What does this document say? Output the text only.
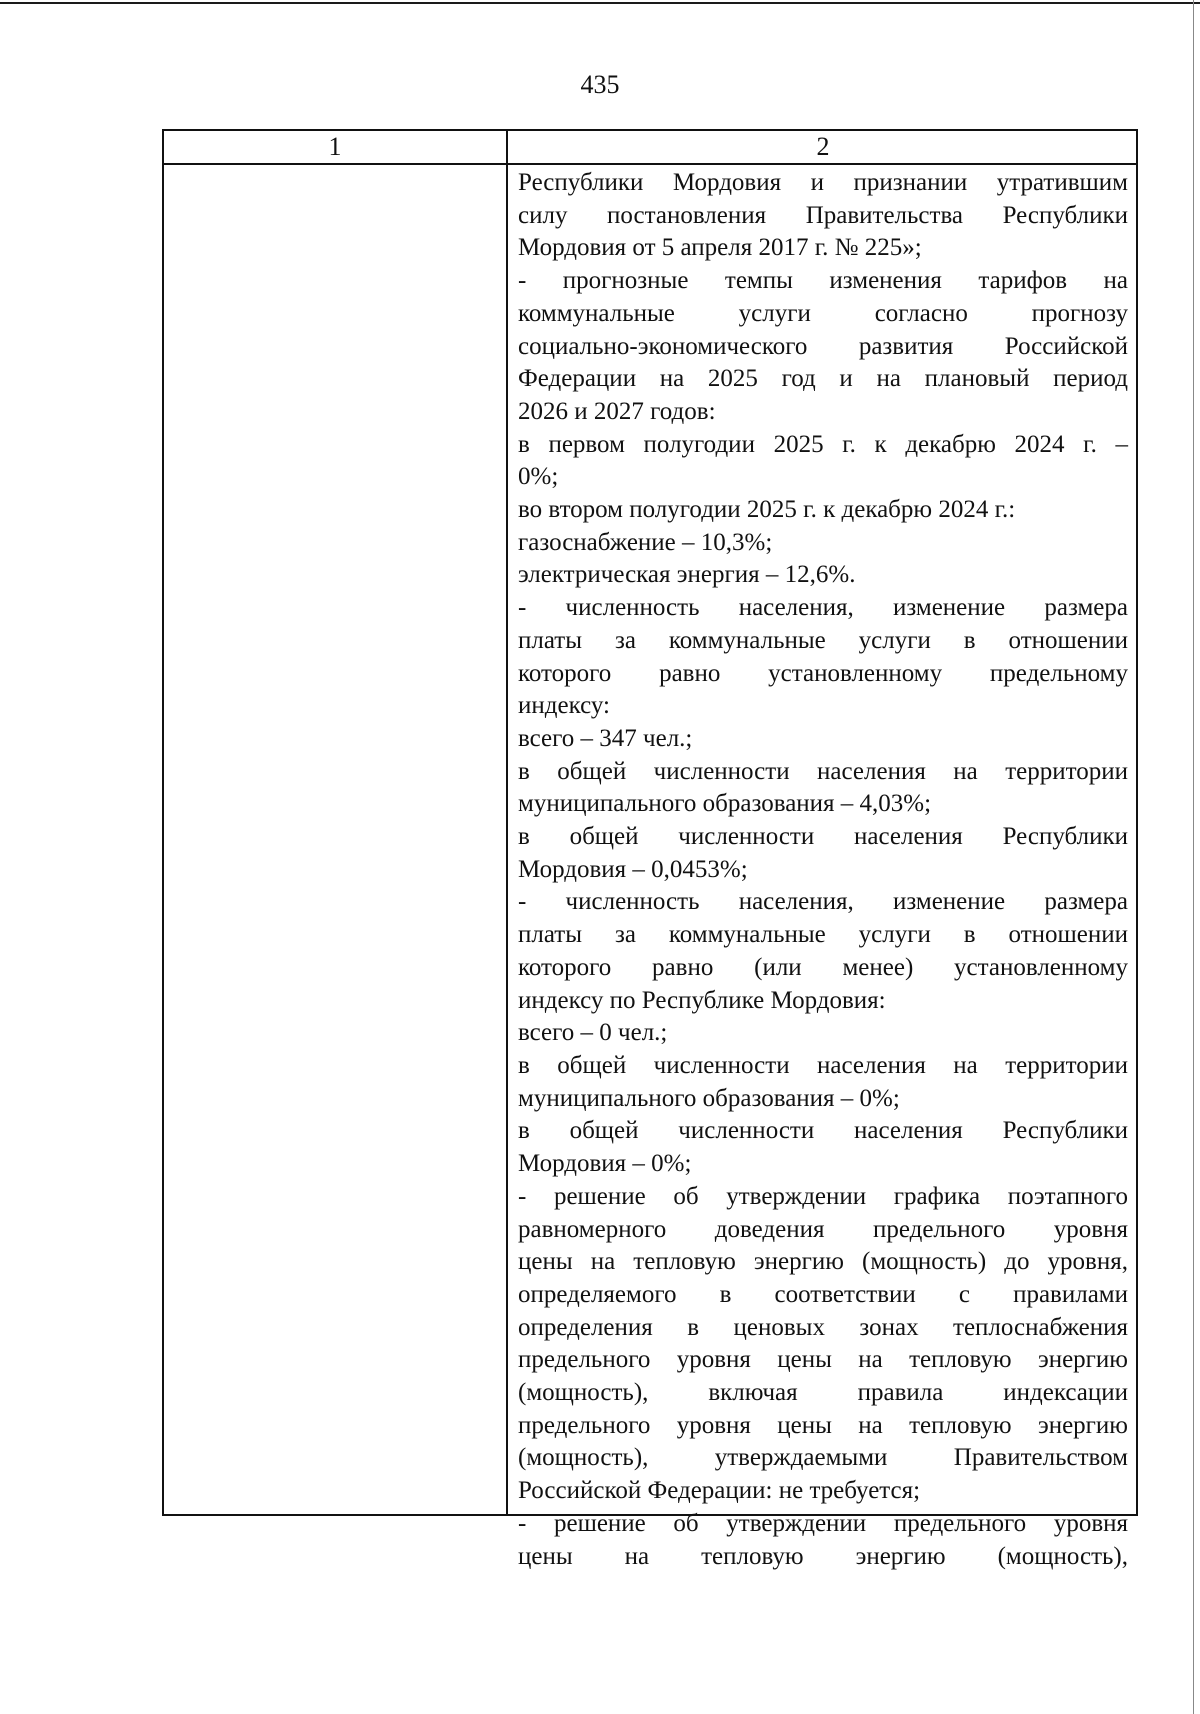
435
1	2
Республики Мордовия и признании утратившим
силу постановления Правительства Республики
Мордовия от 5 апреля 2017 г. № 225»;
- прогнозные темпы изменения тарифов на
коммунальные услуги согласно прогнозу
социально-экономического развития Российской
Федерации на 2025 год и на плановый период
2026 и 2027 годов:
в первом полугодии 2025 г. к декабрю 2024 г. –
0%;
во втором полугодии 2025 г. к декабрю 2024 г.:
газоснабжение – 10,3%;
электрическая энергия – 12,6%.
- численность населения, изменение размера
платы за коммунальные услуги в отношении
которого равно установленному предельному
индексу:
всего – 347 чел.;
в общей численности населения на территории
муниципального образования – 4,03%;
в общей численности населения Республики
Мордовия – 0,0453%;
- численность населения, изменение размера
платы за коммунальные услуги в отношении
которого равно (или менее) установленному
индексу по Республике Мордовия:
всего – 0 чел.;
в общей численности населения на территории
муниципального образования – 0%;
в общей численности населения Республики
Мордовия – 0%;
- решение об утверждении графика поэтапного
равномерного доведения предельного уровня
цены на тепловую энергию (мощность) до уровня,
определяемого в соответствии с правилами
определения в ценовых зонах теплоснабжения
предельного уровня цены на тепловую энергию
(мощность), включая правила индексации
предельного уровня цены на тепловую энергию
(мощность), утверждаемыми Правительством
Российской Федерации: не требуется;
- решение об утверждении предельного уровня
цены на тепловую энергию (мощность),
